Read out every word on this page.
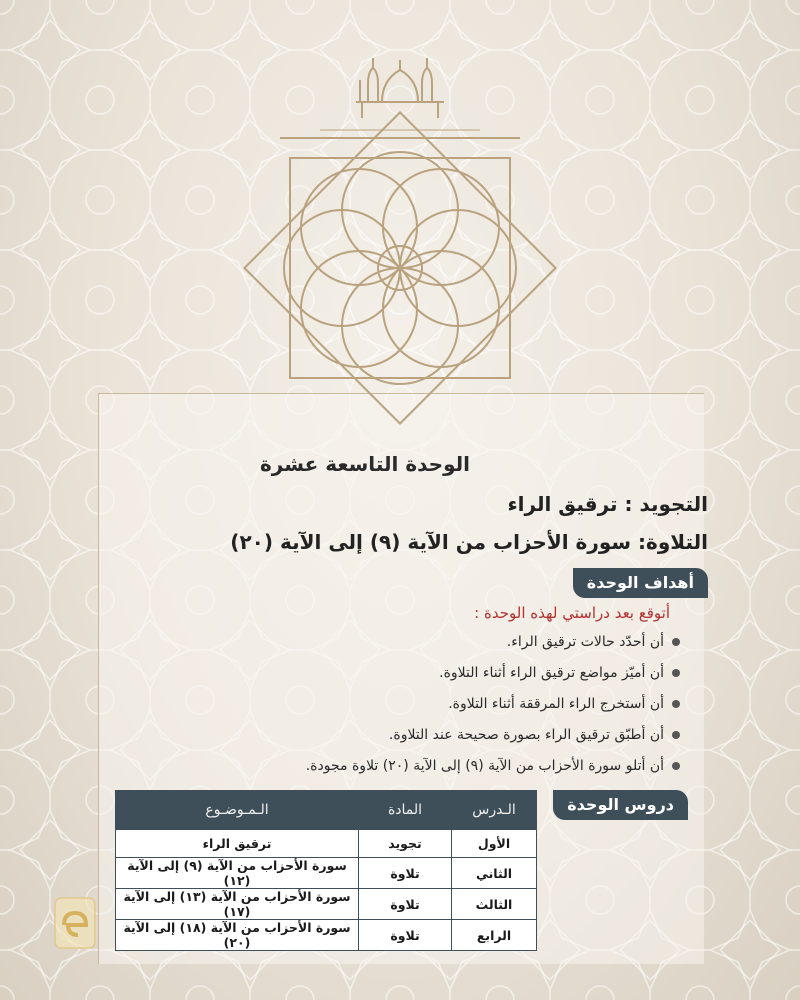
الوحدة التاسعة عشرة
التجويد : ترقيق الراء
التلاوة: سورة الأحزاب من الآية (٩) إلى الآية (٢٠)
أهداف الوحدة
أتوقع بعد دراستي لهذه الوحدة :
أن أحدّد حالات ترقيق الراء.
أن أميّز مواضع ترقيق الراء أثناء التلاوة.
أن أستخرج الراء المرققة أثناء التلاوة.
أن أطبّق ترقيق الراء بصورة صحيحة عند التلاوة.
أن أتلو سورة الأحزاب من الآية (٩) إلى الآية (٢٠) تلاوة مجودة.
دروس الوحدة
الـدرس	المادة	الـمـوضـوع
الأول	تجويد	ترقيق الراء
الثاني	تلاوة	سورة الأحزاب من الآية (٩) إلى الآية (١٢)
الثالث	تلاوة	سورة الأحزاب من الآية (١٣) إلى الآية (١٧)
الرابع	تلاوة	سورة الأحزاب من الآية (١٨) إلى الآية (٢٠)
